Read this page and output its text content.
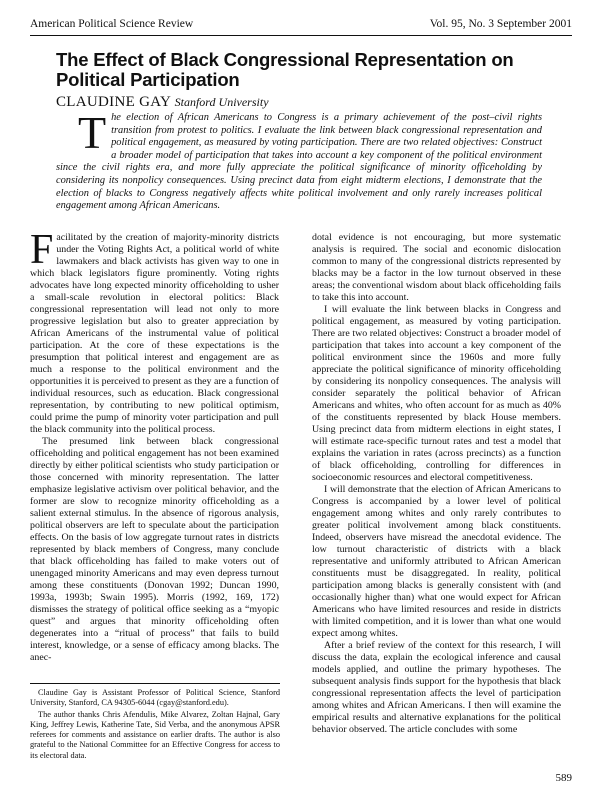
American Political Science Review	Vol. 95, No. 3 September 2001
The Effect of Black Congressional Representation on Political Participation
CLAUDINE GAY Stanford University
The election of African Americans to Congress is a primary achievement of the post–civil rights transition from protest to politics. I evaluate the link between black congressional representation and political engagement, as measured by voting participation. There are two related objectives: Construct a broader model of participation that takes into account a key component of the political environment since the civil rights era, and more fully appreciate the political significance of minority officeholding by considering its nonpolicy consequences. Using precinct data from eight midterm elections, I demonstrate that the election of blacks to Congress negatively affects white political involvement and only rarely increases political engagement among African Americans.

Facilitated by the creation of majority-minority districts under the Voting Rights Act, a political world of white lawmakers and black activists has given way to one in which black legislators figure prominently. Voting rights advocates have long expected minority officeholding to usher a small-scale revolution in electoral politics: Black congressional representation will lead not only to more progressive legislation but also to greater appreciation by African Americans of the instrumental value of political participation. At the core of these expectations is the presumption that political interest and engagement are as much a response to the political environment and the opportunities it is perceived to present as they are a function of individual resources, such as education. Black congressional representation, by contributing to new political optimism, could prime the pump of minority voter participation and pull the black community into the political process.

The presumed link between black congressional officeholding and political engagement has not been examined directly by either political scientists who study participation or those concerned with minority representation. The latter emphasize legislative activism over political behavior, and the former are slow to recognize minority officeholding as a salient external stimulus. In the absence of rigorous analysis, political observers are left to speculate about the participation effects. On the basis of low aggregate turnout rates in districts represented by black members of Congress, many conclude that black officeholding has failed to make voters out of unengaged minority Americans and may even depress turnout among these constituents (Donovan 1992; Duncan 1990, 1993a, 1993b; Swain 1995). Morris (1992, 169, 172) dismisses the strategy of political office seeking as a “myopic quest” and argues that minority officeholding often degenerates into a “ritual of process” that fails to build interest, knowledge, or a sense of efficacy among blacks. The anec-

dotal evidence is not encouraging, but more systematic analysis is required. The social and economic dislocation common to many of the congressional districts represented by blacks may be a factor in the low turnout observed in these areas; the conventional wisdom about black officeholding fails to take this into account.

I will evaluate the link between blacks in Congress and political engagement, as measured by voting participation. There are two related objectives: Construct a broader model of participation that takes into account a key component of the political environment since the 1960s and more fully appreciate the political significance of minority officeholding by considering its nonpolicy consequences. The analysis will consider separately the political behavior of African Americans and whites, who often account for as much as 40% of the constituents represented by black House members. Using precinct data from midterm elections in eight states, I will estimate race-specific turnout rates and test a model that explains the variation in rates (across precincts) as a function of black officeholding, controlling for differences in socioeconomic resources and electoral competitiveness.

I will demonstrate that the election of African Americans to Congress is accompanied by a lower level of political engagement among whites and only rarely contributes to greater political involvement among black constituents. Indeed, observers have misread the anecdotal evidence. The low turnout characteristic of districts with a black representative and uniformly attributed to African American constituents must be disaggregated. In reality, political participation among blacks is generally consistent with (and occasionally higher than) what one would expect for African Americans who have limited resources and reside in districts with limited competition, and it is lower than what one would expect among whites.

After a brief review of the context for this research, I will discuss the data, explain the ecological inference and causal models applied, and outline the primary hypotheses. The subsequent analysis finds support for the hypothesis that black congressional representation affects the level of participation among whites and African Americans. I then will examine the empirical results and alternative explanations for the political behavior observed. The article concludes with some

Claudine Gay is Assistant Professor of Political Science, Stanford University, Stanford, CA 94305-6044 (cgay@stanford.edu).

The author thanks Chris Afendulis, Mike Alvarez, Zoltan Hajnal, Gary King, Jeffrey Lewis, Katherine Tate, Sid Verba, and the anonymous APSR referees for comments and assistance on earlier drafts. The author is also grateful to the National Committee for an Effective Congress for access to its electoral data.

589
